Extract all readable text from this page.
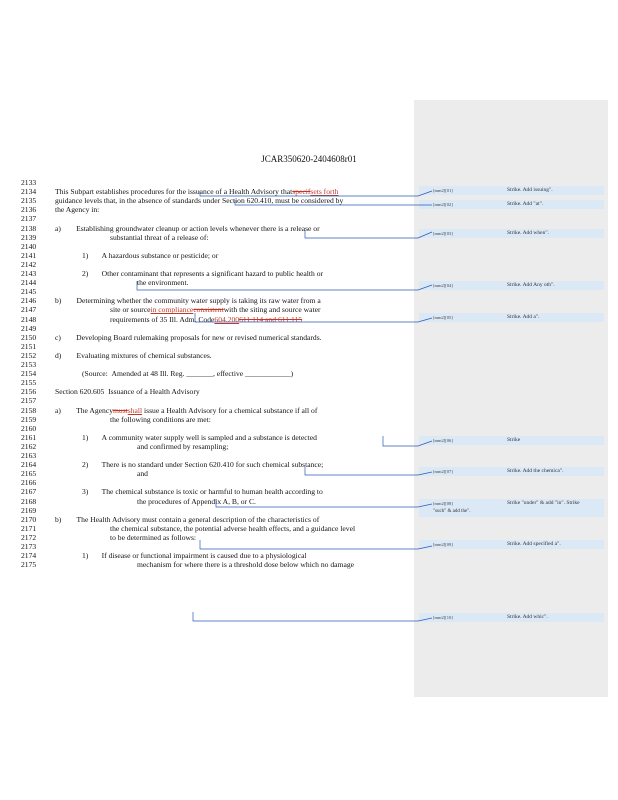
JCAR350620-2404608r01
2133
2134	This Subpart establishes procedures for the issuance of a Health Advisory thatspecifsets forth
2135	guidance levels that, in the absence of standards under Section 620.410, must be considered by
2136	the Agency in:
2137
2138	a)        Establishing groundwater cleanup or action levels whenever there is a release or
2139	substantial threat of a release of:
2140
2141	1)       A hazardous substance or pesticide; or
2142
2143	2)       Other contaminant that represents a significant hazard to public health or
2144	the environment.
2145
2146	b)        Determining whether the community water supply is taking its raw water from a
2147	site or sourcein complianceconsistentwith the siting and source water
2148	requirements of 35 Ill. Adm. Code604.200611.114 and 611.115
2149
2150	c)        Developing Board rulemaking proposals for new or revised numerical standards.
2151
2152	d)        Evaluating mixtures of chemical substances.
2153
2154	(Source:  Amended at 48 Ill. Reg. _______, effective ____________)
2155
2156	Section 620.605  Issuance of a Health Advisory
2157
2158	a)        The Agencymustshall issue a Health Advisory for a chemical substance if all of
2159	the following conditions are met:
2160
2161	1)       A community water supply well is sampled and a substance is detected
2162	and confirmed by resampling;
2163
2164	2)       There is no standard under Section 620.410 for such chemical substance;
2165	and
2166
2167	3)       The chemical substance is toxic or harmful to human health according to
2168	the procedures of Appendix A, B, or C.
2169
2170	b)        The Health Advisory must contain a general description of the characteristics of
2171	the chemical substance, the potential adverse health effects, and a guidance level
2172	to be determined as follows:
2173
2174	1)       If disease or functional impairment is caused due to a physiological
2175	mechanism for where there is a threshold dose below which no damage
[mm2][01]	Strike. Add issuing".
[mm2][02]	Strike. Add "at".
[mm2][03]	Strike. Add when".
[mm2][04]	Strike. Add Any oth".
[mm2][05]	Strike. Add a".
[mm2][06]	Strike
[mm2][07]	Strike. Add the chemica".
[mm2][08]	Strike "under" & add "in". Strike
"such" & add the".
[mm2][09]	Strike. Add specified a".
[mm2][10]	Strike. Add whic".
